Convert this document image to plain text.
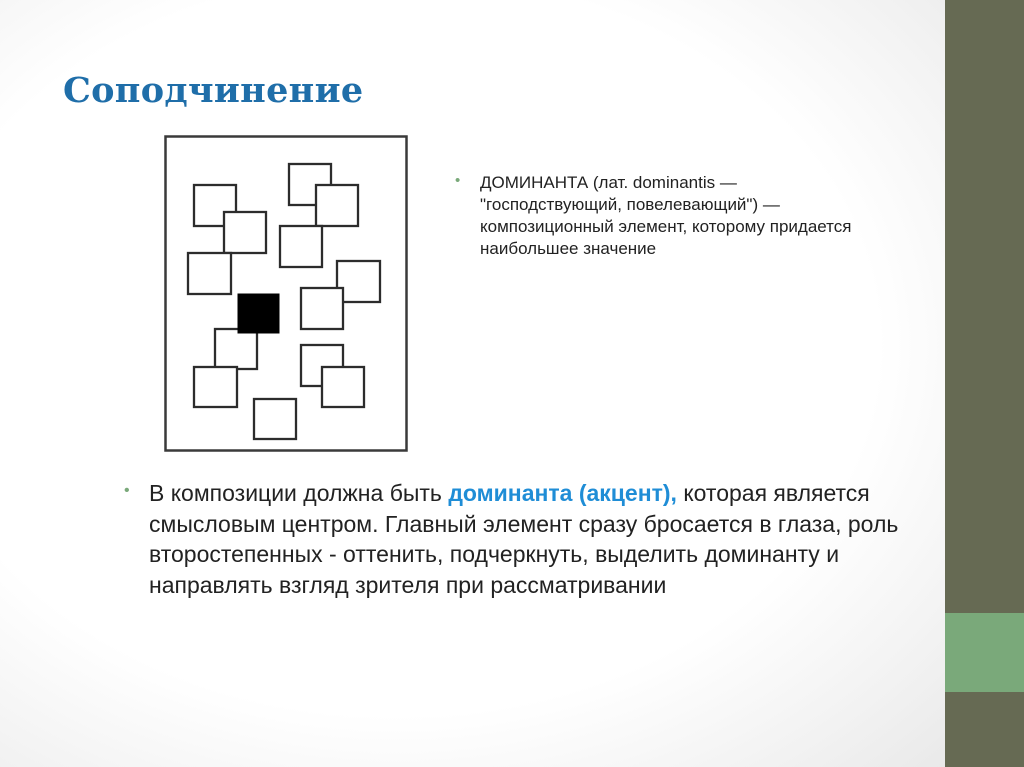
Соподчинение
• ДОМИНАНТА (лат. dominantis — "господствующий, повелевающий") — композиционный элемент, которому придается наибольшее значение

• В композиции должна быть доминанта (акцент), которая является смысловым центром. Главный элемент сразу бросается в глаза, роль второстепенных - оттенить, подчеркнуть, выделить доминанту и направлять взгляд зрителя при рассматривании
